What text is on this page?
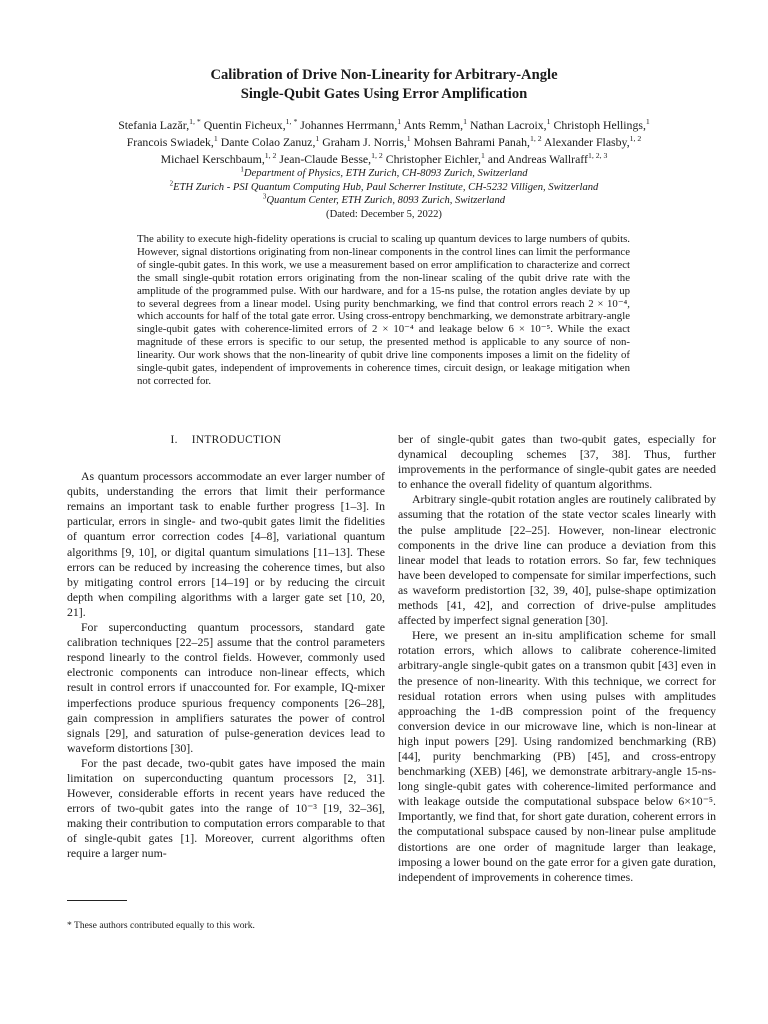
Calibration of Drive Non-Linearity for Arbitrary-Angle
Single-Qubit Gates Using Error Amplification
Stefania Lazăr,$^{1, *}$ Quentin Ficheux,$^{1, *}$ Johannes Herrmann,$^1$ Ants Remm,$^1$ Nathan Lacroix,$^1$ Christoph Hellings,$^1$
Francois Swiadek,$^1$ Dante Colao Zanuz,$^1$ Graham J. Norris,$^1$ Mohsen Bahrami Panah,$^{1, 2}$ Alexander Flasby,$^{1, 2}$
Michael Kerschbaum,$^{1, 2}$ Jean-Claude Besse,$^{1, 2}$ Christopher Eichler,$^1$ and Andreas Wallraff$^{1, 2, 3}$
$^1$Department of Physics, ETH Zurich, CH-8093 Zurich, Switzerland
$^2$ETH Zurich - PSI Quantum Computing Hub, Paul Scherrer Institute, CH-5232 Villigen, Switzerland
$^3$Quantum Center, ETH Zurich, 8093 Zurich, Switzerland
(Dated: December 5, 2022)
The ability to execute high-fidelity operations is crucial to scaling up quantum devices to large numbers of qubits. However, signal distortions originating from non-linear components in the control lines can limit the performance of single-qubit gates. In this work, we use a measurement based on error amplification to characterize and correct the small single-qubit rotation errors originating from the non-linear scaling of the qubit drive rate with the amplitude of the programmed pulse. With our hardware, and for a 15-ns pulse, the rotation angles deviate by up to several degrees from a linear model. Using purity benchmarking, we find that control errors reach 2 × 10⁻⁴, which accounts for half of the total gate error. Using cross-entropy benchmarking, we demonstrate arbitrary-angle single-qubit gates with coherence-limited errors of 2 × 10⁻⁴ and leakage below 6 × 10⁻⁵. While the exact magnitude of these errors is specific to our setup, the presented method is applicable to any source of non-linearity. Our work shows that the non-linearity of qubit drive line components imposes a limit on the fidelity of single-qubit gates, independent of improvements in coherence times, circuit design, or leakage mitigation when not corrected for.
I. INTRODUCTION

As quantum processors accommodate an ever larger number of qubits, understanding the errors that limit their performance remains an important task to enable further progress [1–3]. In particular, errors in single- and two-qubit gates limit the fidelities of quantum error correction codes [4–8], variational quantum algorithms [9, 10], or digital quantum simulations [11–13]. These errors can be reduced by increasing the coherence times, but also by mitigating control errors [14–19] or by reducing the circuit depth when compiling algorithms with a larger gate set [10, 20, 21].

For superconducting quantum processors, standard gate calibration techniques [22–25] assume that the control parameters respond linearly to the control fields. However, commonly used electronic components can introduce non-linear effects, which result in control errors if unaccounted for. For example, IQ-mixer imperfections produce spurious frequency components [26–28], gain compression in amplifiers saturates the power of control signals [29], and saturation of pulse-generation devices lead to waveform distortions [30].

For the past decade, two-qubit gates have imposed the main limitation on superconducting quantum processors [2, 31]. However, considerable efforts in recent years have reduced the errors of two-qubit gates into the range of 10⁻³ [19, 32–36], making their contribution to computation errors comparable to that of single-qubit gates [1]. Moreover, current algorithms often require a larger num-

ber of single-qubit gates than two-qubit gates, especially for dynamical decoupling schemes [37, 38]. Thus, further improvements in the performance of single-qubit gates are needed to enhance the overall fidelity of quantum algorithms.

Arbitrary single-qubit rotation angles are routinely calibrated by assuming that the rotation of the state vector scales linearly with the pulse amplitude [22–25]. However, non-linear electronic components in the drive line can produce a deviation from this linear model that leads to rotation errors. So far, few techniques have been developed to compensate for similar imperfections, such as waveform predistortion [32, 39, 40], pulse-shape optimization methods [41, 42], and correction of drive-pulse amplitudes affected by imperfect signal generation [30].

Here, we present an in-situ amplification scheme for small rotation errors, which allows to calibrate coherence-limited arbitrary-angle single-qubit gates on a transmon qubit [43] even in the presence of non-linearity. With this technique, we correct for residual rotation errors when using pulses with amplitudes approaching the 1-dB compression point of the frequency conversion device in our microwave line, which is non-linear at high input powers [29]. Using randomized benchmarking (RB) [44], purity benchmarking (PB) [45], and cross-entropy benchmarking (XEB) [46], we demonstrate arbitrary-angle 15-ns-long single-qubit gates with coherence-limited performance and with leakage outside the computational subspace below 6×10⁻⁵. Importantly, we find that, for short gate duration, coherent errors in the computational subspace caused by non-linear pulse amplitude distortions are one order of magnitude larger than leakage, imposing a lower bound on the gate error for a given gate duration, independent of improvements in coherence times.

* These authors contributed equally to this work.
